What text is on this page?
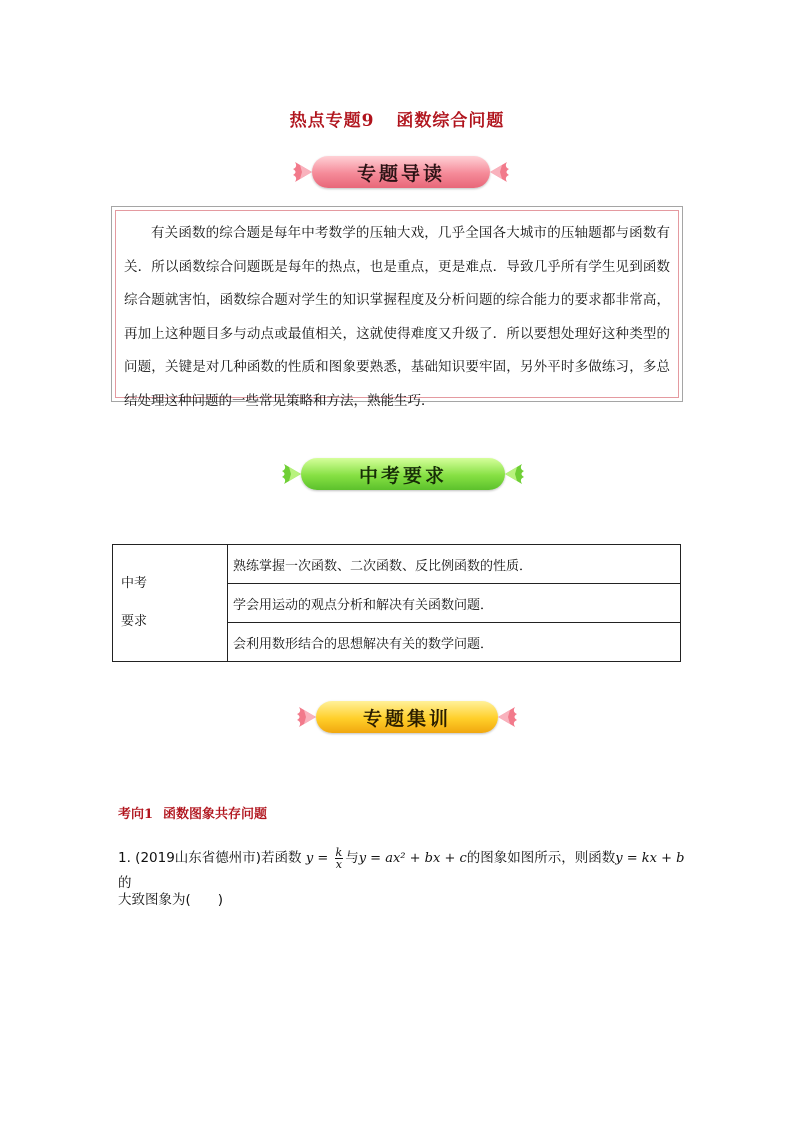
热点专题9 函数综合问题
专题导读

有关函数的综合题是每年中考数学的压轴大戏，几乎全国各大城市的压轴题都与函数有关．所以函数综合问题既是每年的热点，也是重点，更是难点．导致几乎所有学生见到函数综合题就害怕，函数综合题对学生的知识掌握程度及分析问题的综合能力的要求都非常高，再加上这种题目多与动点或最值相关，这就使得难度又升级了．所以要想处理好这种类型的问题，关键是对几种函数的性质和图象要熟悉，基础知识要牢固，另外平时多做练习，多总结处理这种问题的一些常见策略和方法，熟能生巧．

中考要求
中考
要求
	熟练掌握一次函数、二次函数、反比例函数的性质．
学会用运动的观点分析和解决有关函数问题．
会利用数形结合的思想解决有关的数学问题．
专题集训
考向1 函数图象共存问题
1. (2019山东省德州市)若函数 $y = \frac{k}{x}$ 与y = ax² + bx + c的图象如图所示，则函数y = kx + b的
大致图象为(　　)
